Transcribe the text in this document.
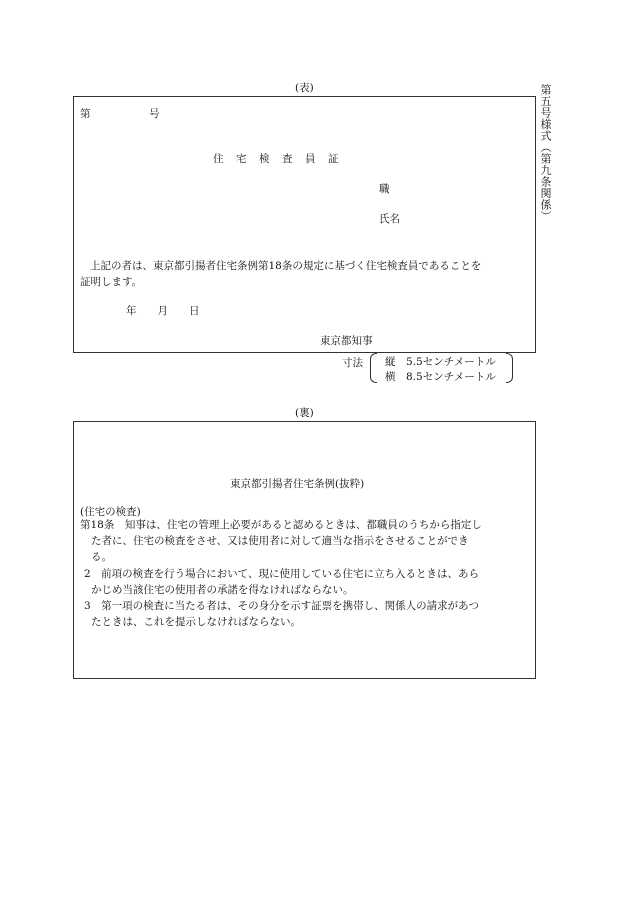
第五号様式（第九条関係）
(表)
第	号
住　宅　検　査　員　証
職
氏名
上記の者は、東京都引揚者住宅条例第18条の規定に基づく住宅検査員であることを
証明します。
年　　月　　日
東京都知事
寸法 縦　5.5センチメートル
横　8.5センチメートル
(裏)
東京都引揚者住宅条例(抜粋)
(住宅の検査)
第18条　知事は、住宅の管理上必要があると認めるときは、都職員のうちから指定し
た者に、住宅の検査をさせ、又は使用者に対して適当な指示をさせることができ
る。
2　前項の検査を行う場合において、現に使用している住宅に立ち入るときは、あら
かじめ当該住宅の使用者の承諾を得なければならない。
3　第一項の検査に当たる者は、その身分を示す証票を携帯し、関係人の請求があつ
たときは、これを提示しなければならない。
